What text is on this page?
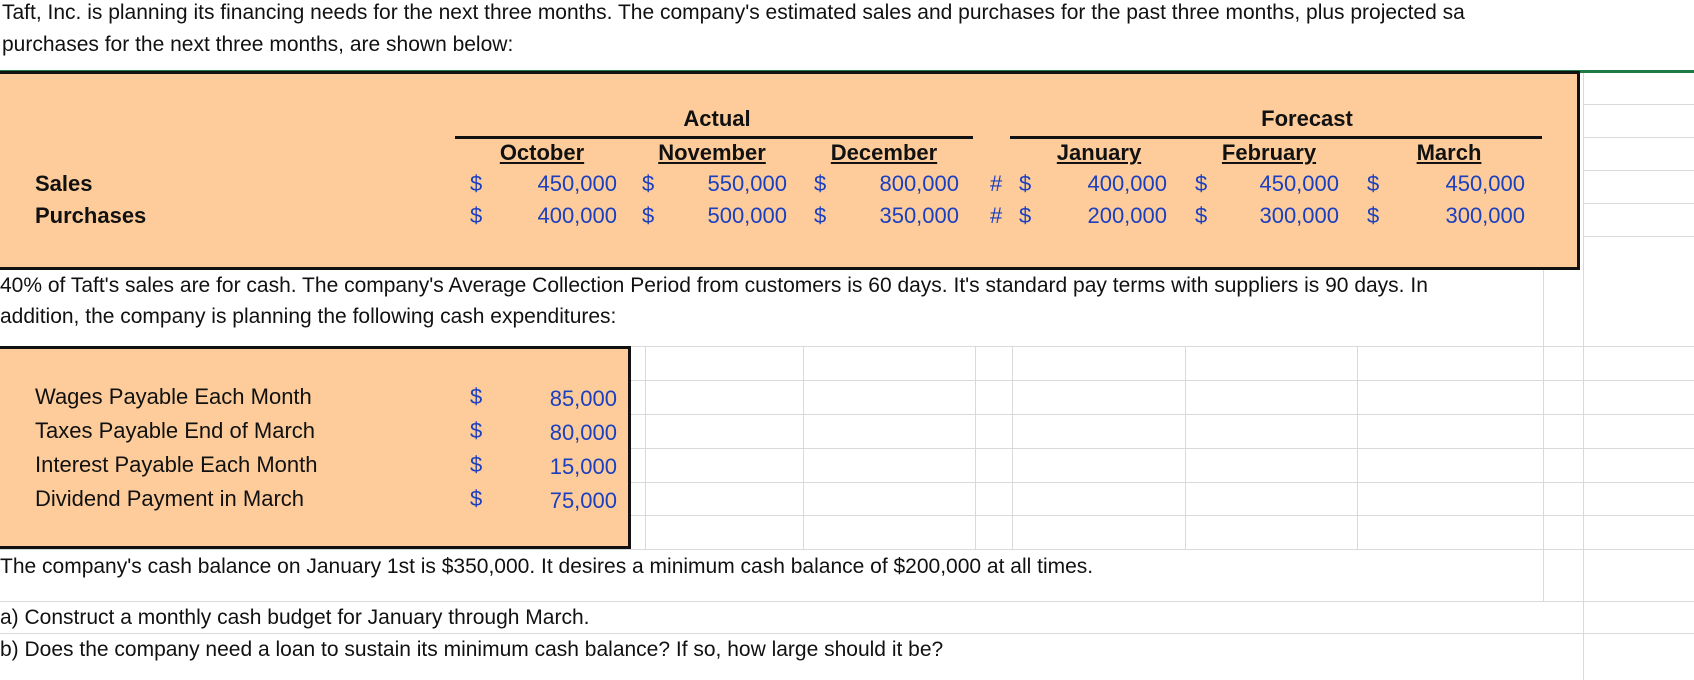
Taft, Inc. is planning its financing needs for the next three months. The company's estimated sales and purchases for the past three months, plus projected sa
purchases for the next three months, are shown below:
Actual	Forecast
October	November	December	January	February	March
Sales	$	450,000 $	550,000 $	800,000 # $	400,000 $	450,000 $	450,000
Purchases	$	400,000 $	500,000 $	350,000 # $	200,000 $	300,000 $	300,000
40% of Taft's sales are for cash. The company's Average Collection Period from customers is 60 days. It's standard pay terms with suppliers is 90 days. In
addition, the company is planning the following cash expenditures:
Wages Payable Each Month	$	85,000
Taxes Payable End of March	$	80,000
Interest Payable Each Month	$	15,000
Dividend Payment in March	$	75,000
The company's cash balance on January 1st is $350,000. It desires a minimum cash balance of $200,000 at all times.
a) Construct a monthly cash budget for January through March.
b) Does the company need a loan to sustain its minimum cash balance? If so, how large should it be?
